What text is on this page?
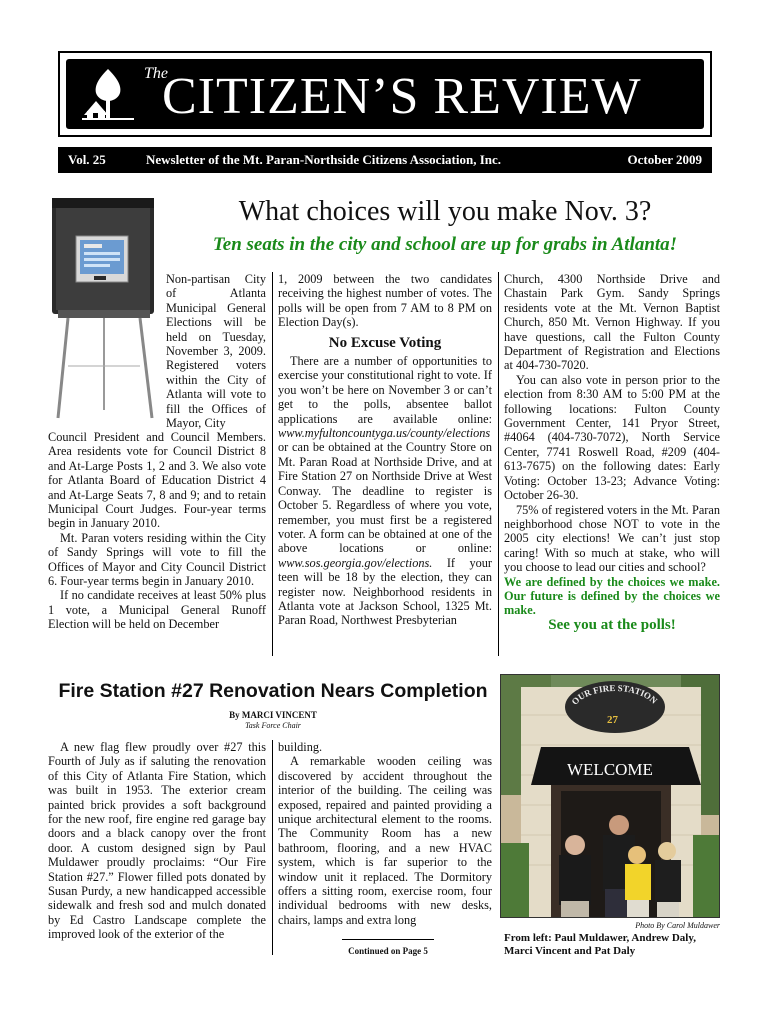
The
CITIZEN’S REVIEW
Vol. 25	Newsletter of the Mt. Paran-Northside Citizens Association, Inc.	October 2009
What choices will you make Nov. 3?
Ten seats in the city and school are up for grabs in Atlanta!

Non-partisan City of Atlanta Municipal General Elections will be held on Tuesday, November 3, 2009. Registered voters within the City of Atlanta will vote to fill the Offices of Mayor, City

Council President and Council Members. Area residents vote for Council District 8 and At-Large Posts 1, 2 and 3. We also vote for Atlanta Board of Education District 4 and At-Large Seats 7, 8 and 9; and to retain Municipal Court Judges. Four-year terms begin in January 2010.

Mt. Paran voters residing within the City of Sandy Springs will vote to fill the Offices of Mayor and City Council District 6. Four-year terms begin in January 2010.

If no candidate receives at least 50% plus 1 vote, a Municipal General Runoff Election will be held on December

1, 2009 between the two candidates receiving the highest number of votes. The polls will be open from 7 AM to 8 PM on Election Day(s).

No Excuse Voting

There are a number of opportunities to exercise your constitutional right to vote. If you won’t be here on November 3 or can’t get to the polls, absentee ballot applications are available online: www.myfultoncountyga.us/county/elections or can be obtained at the Country Store on Mt. Paran Road at Northside Drive, and at Fire Station 27 on Northside Drive at West Conway. The deadline to register is October 5. Regardless of where you vote, remember, you must first be a registered voter. A form can be obtained at one of the above locations or online: www.sos.georgia.gov/elections. If your teen will be 18 by the election, they can register now. Neighborhood residents in Atlanta vote at Jackson School, 1325 Mt. Paran Road, Northwest Presbyterian

Church, 4300 Northside Drive and Chastain Park Gym. Sandy Springs residents vote at the Mt. Vernon Baptist Church, 850 Mt. Vernon Highway. If you have questions, call the Fulton County Department of Registration and Elections at 404-730-7020.

You can also vote in person prior to the election from 8:30 AM to 5:00 PM at the following locations: Fulton County Government Center, 141 Pryor Street, #4064 (404-730-7072), North Service Center, 7741 Roswell Road, #209 (404-613-7675) on the following dates: Early Voting: October 13-23; Advance Voting: October 26-30.

75% of registered voters in the Mt. Paran neighborhood chose NOT to vote in the 2005 city elections! We can’t just stop caring! With so much at stake, who will you choose to lead our cities and school?

We are defined by the choices we make. Our future is defined by the choices we make.

See you at the polls!

Fire Station #27 Renovation Nears Completion
By MARCI VINCENT
Task Force Chair

A new flag flew proudly over #27 this Fourth of July as if saluting the renovation of this City of Atlanta Fire Station, which was built in 1953. The exterior cream painted brick provides a soft background for the new roof, fire engine red garage bay doors and a black canopy over the front door. A custom designed sign by Paul Muldawer proudly proclaims: “Our Fire Station #27.” Flower filled pots donated by Susan Purdy, a new handicapped accessible sidewalk and fresh sod and mulch donated by Ed Castro Landscape complete the improved look of the exterior of the

building.

A remarkable wooden ceiling was discovered by accident throughout the interior of the building. The ceiling was exposed, repaired and painted providing a unique architectural element to the rooms. The Community Room has a new bathroom, flooring, and a new HVAC system, which is far superior to the window unit it replaced. The Dormitory offers a sitting room, exercise room, four individual bedrooms with new desks, chairs, lamps and extra long

Continued on Page 5
OUR FIRE STATION
27
WELCOME
Photo By Carol Muldawer
From left: Paul Muldawer, Andrew Daly, Marci Vincent and Pat Daly
